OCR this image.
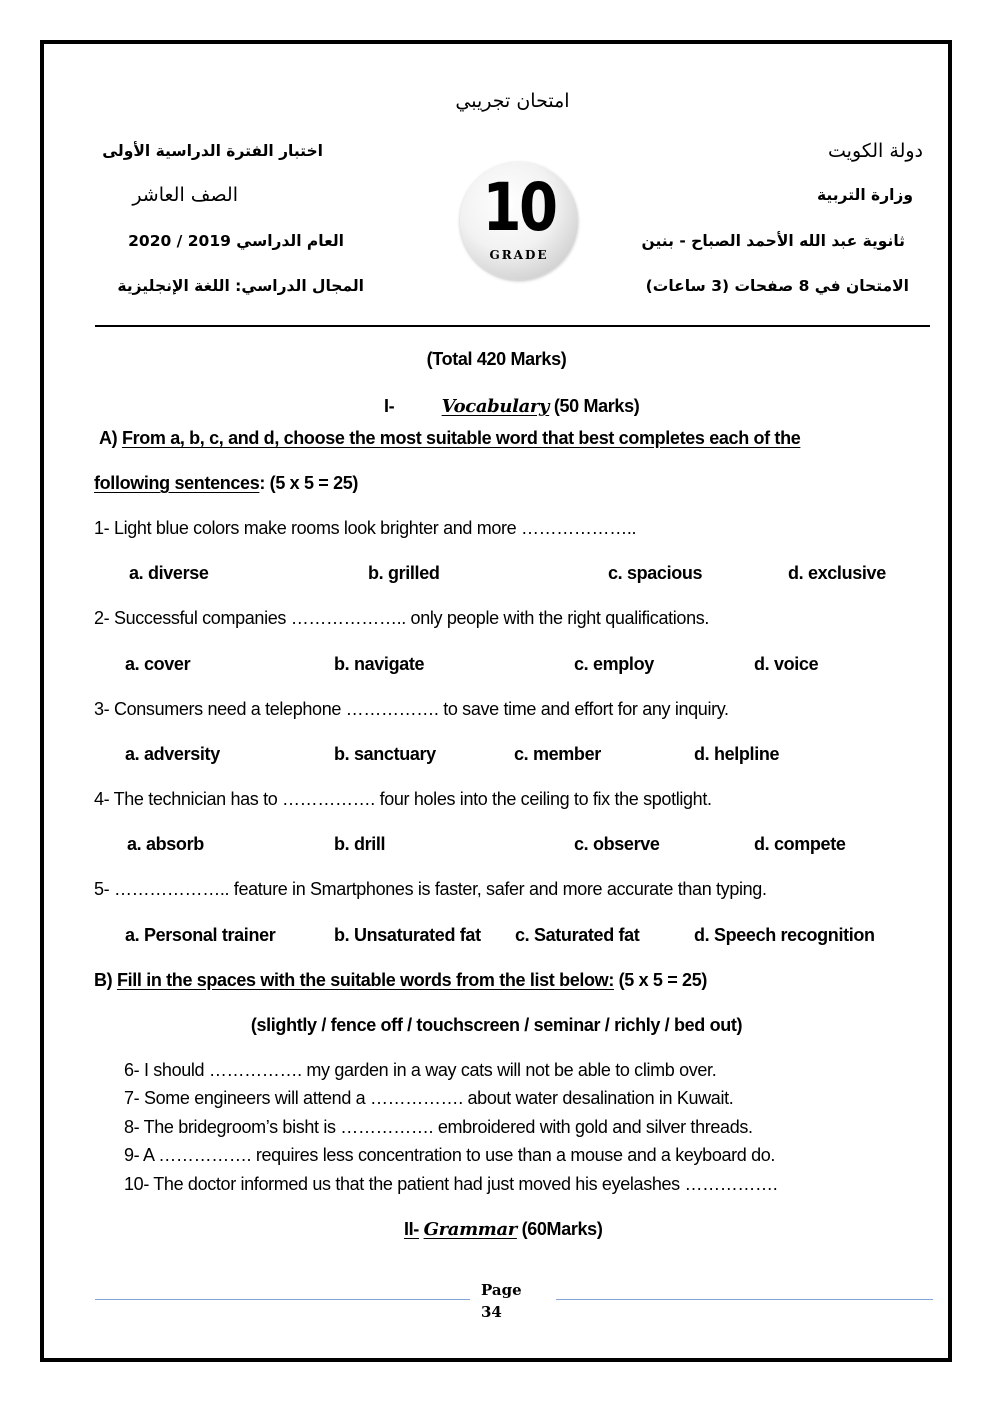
امتحان تجريبي
دولة الكويت
وزارة التربية
ثانوية عبد الله الأحمد الصباح - بنين
الامتحان في 8 صفحات (3 ساعات)
اختبار الفترة الدراسية الأولى
الصف العاشر
العام الدراسي 2019 / 2020
المجال الدراسي: اللغة الإنجليزية
10
GRADE
(Total 420 Marks)
I-	Vocabulary (50 Marks)
A) From a, b, c, and d, choose the most suitable word that best completes each of the
following sentences: (5 x 5 = 25)
1- Light blue colors make rooms look brighter and more ………………..
a. diverse	b. grilled	c. spacious	d. exclusive
2- Successful companies ……………….. only people with the right qualifications.
a. cover	b. navigate	c. employ	d. voice
3- Consumers need a telephone ……………. to save time and effort for any inquiry.
a. adversity	b. sanctuary	c. member	d. helpline
4- The technician has to ……………. four holes into the ceiling to fix the spotlight.
a. absorb	b. drill	c. observe	d. compete
5- ……………….. feature in Smartphones is faster, safer and more accurate than typing.
a. Personal trainer	b. Unsaturated fat c. Saturated fat	d. Speech recognition
B) Fill in the spaces with the suitable words from the list below: (5 x 5 = 25)
(slightly / fence off / touchscreen / seminar / richly / bed out)
6- I should ……………. my garden in a way cats will not be able to climb over.
7- Some engineers will attend a ……………. about water desalination in Kuwait.
8- The bridegroom’s bisht is ……………. embroidered with gold and silver threads.
9- A ……………. requires less concentration to use than a mouse and a keyboard do.
10- The doctor informed us that the patient had just moved his eyelashes …………….
II- Grammar (60Marks)
Page
34
